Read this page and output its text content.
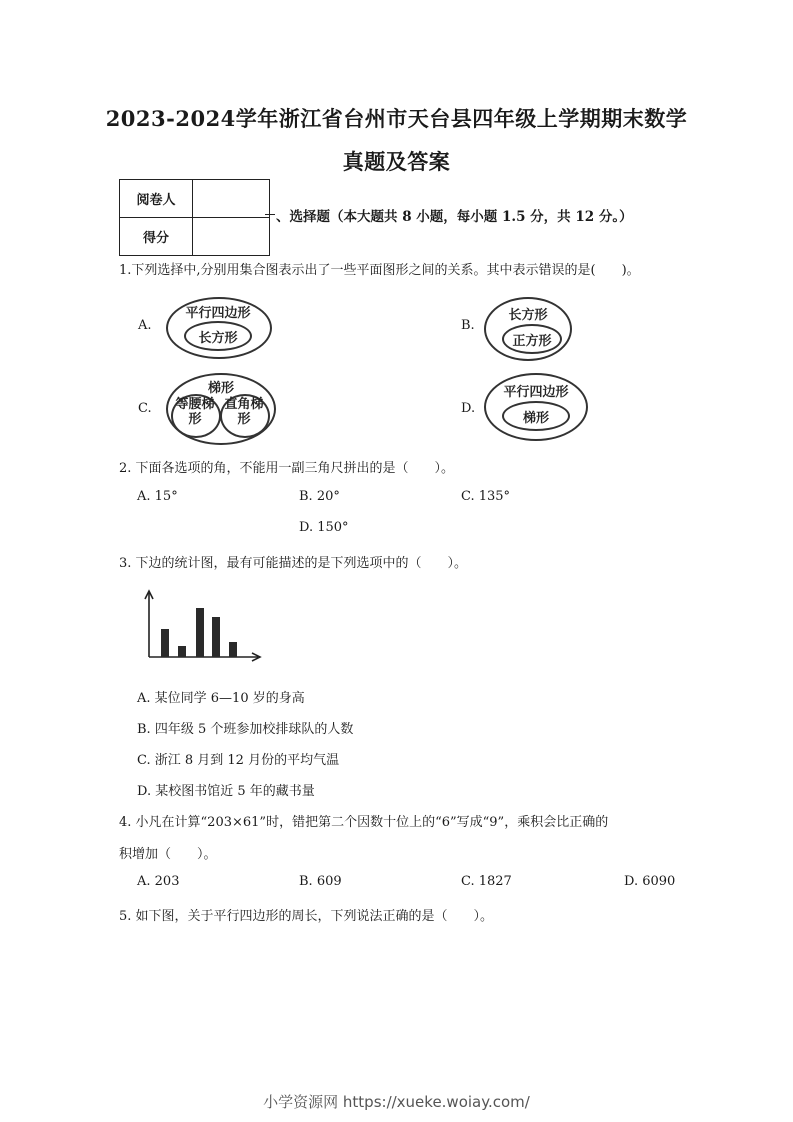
2023-2024学年浙江省台州市天台县四年级上学期期末数学
真题及答案
阅卷人	
得分	
、选择题（本大题共 8 小题，每小题 1.5 分，共 12 分。）
1.下列选择中,分别用集合图表示出了一些平面图形之间的关系。其中表示错误的是(　　)。
A.
平行四边形
长方形
B.
长方形
正方形
C.
梯形
等腰梯形
直角梯形
D.
平行四边形
梯形
2. 下面各选项的角，不能用一副三角尺拼出的是（　　）。
A. 15°	B. 20°	C. 135°
D. 150°
3. 下边的统计图，最有可能描述的是下列选项中的（　　）。
A. 某位同学 6—10 岁的身高
B. 四年级 5 个班参加校排球队的人数
C. 浙江 8 月到 12 月份的平均气温
D. 某校图书馆近 5 年的藏书量
4. 小凡在计算“203×61”时，错把第二个因数十位上的“6”写成“9”，乘积会比正确的
积增加（　　）。
A. 203	B. 609	C. 1827	D. 6090
5. 如下图，关于平行四边形的周长，下列说法正确的是（　　）。
小学资源网 https://xueke.woiay.com/
